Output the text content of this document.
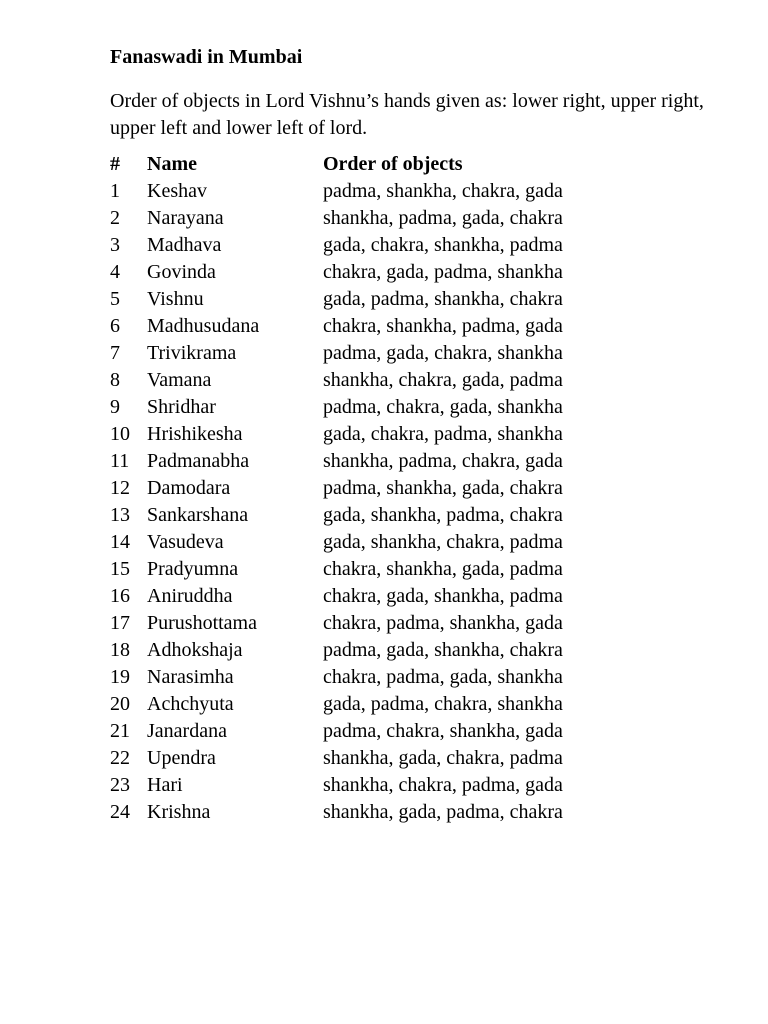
Fanaswadi in Mumbai

Order of objects in Lord Vishnu’s hands given as: lower right, upper right, upper left and lower left of lord.

#	Name	Order of objects
1	Keshav	padma, shankha, chakra, gada
2	Narayana	shankha, padma, gada, chakra
3	Madhava	gada, chakra, shankha, padma
4	Govinda	chakra, gada, padma, shankha
5	Vishnu	gada, padma, shankha, chakra
6	Madhusudana	chakra, shankha, padma, gada
7	Trivikrama	padma, gada, chakra, shankha
8	Vamana	shankha, chakra, gada, padma
9	Shridhar	padma, chakra, gada, shankha
10 Hrishikesha	gada, chakra, padma, shankha
11 Padmanabha	shankha, padma, chakra, gada
12 Damodara	padma, shankha, gada, chakra
13 Sankarshana	gada, shankha, padma, chakra
14 Vasudeva	gada, shankha, chakra, padma
15 Pradyumna	chakra, shankha, gada, padma
16 Aniruddha	chakra, gada, shankha, padma
17 Purushottama	chakra, padma, shankha, gada
18 Adhokshaja	padma, gada, shankha, chakra
19 Narasimha	chakra, padma, gada, shankha
20 Achchyuta	gada, padma, chakra, shankha
21 Janardana	padma, chakra, shankha, gada
22 Upendra	shankha, gada, chakra, padma
23 Hari	shankha, chakra, padma, gada
24 Krishna	shankha, gada, padma, chakra
